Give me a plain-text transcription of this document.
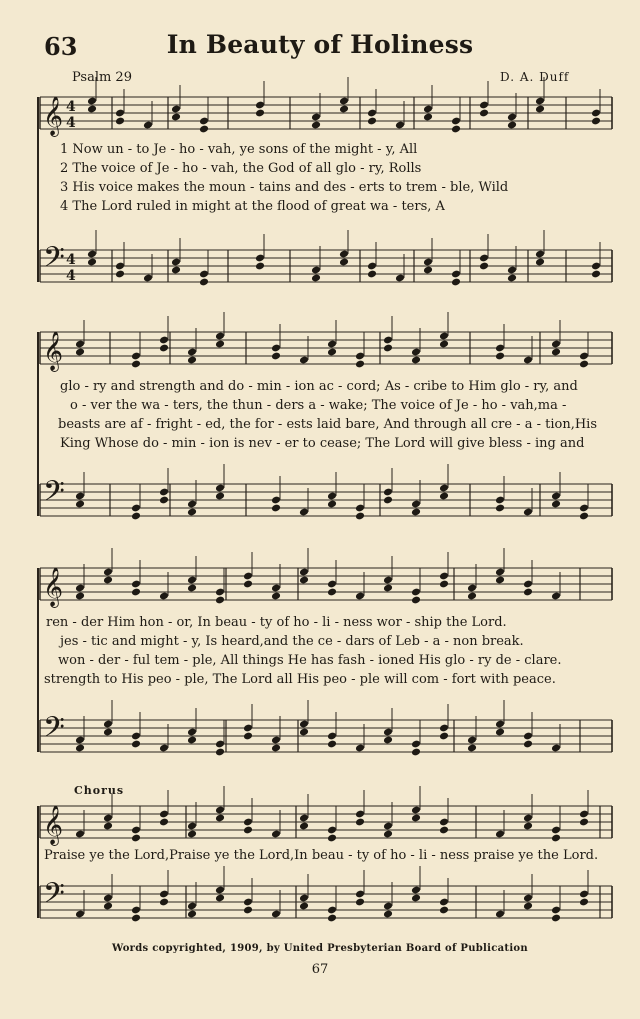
63	In Beauty of Holiness
Psalm 29	D. A. Duff
𝄞 4
4
𝄢 4
4
𝄞
𝄢
𝄞
𝄢
𝄞
𝄢
1 Now un - to Je - ho - vah, ye sons of the might - y, All
2 The voice of Je - ho - vah, the God of all glo - ry, Rolls
3 His voice makes the moun - tains and des - erts to trem - ble, Wild
4 The Lord ruled in might at the flood of great wa - ters, A
glo - ry and strength and do - min - ion ac - cord; As - cribe to Him glo - ry, and
o - ver the wa - ters, the thun - ders a - wake; The voice of Je - ho - vah,ma -
beasts are af - fright - ed, the for - ests laid bare, And through all cre - a - tion,His
King Whose do - min - ion is nev - er to cease; The Lord will give bless - ing and
ren - der Him hon - or, In beau - ty of ho - li - ness wor - ship the Lord.
jes - tic and might - y, Is heard,and the ce - dars of Leb - a - non break.
won - der - ful tem - ple, All things He has fash - ioned His glo - ry de - clare.
strength to His peo - ple, The Lord all His peo - ple will com - fort with peace.
Chorus
Praise ye the Lord,Praise ye the Lord,In beau - ty of ho - li - ness praise ye the Lord.
Words copyrighted, 1909, by United Presbyterian Board of Publication
67
